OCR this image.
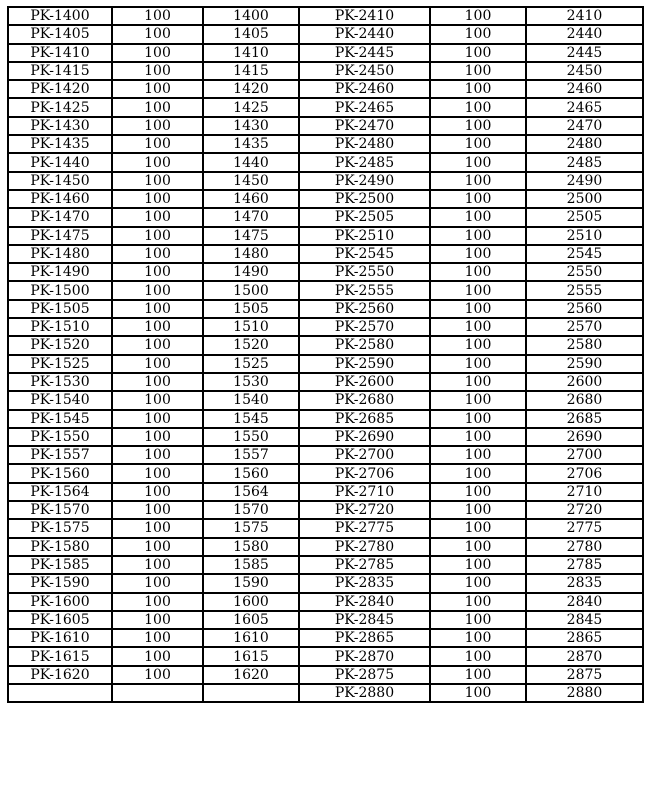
PK-1400	100	1400	PK-2410	100	2410
PK-1405	100	1405	PK-2440	100	2440
PK-1410	100	1410	PK-2445	100	2445
PK-1415	100	1415	PK-2450	100	2450
PK-1420	100	1420	PK-2460	100	2460
PK-1425	100	1425	PK-2465	100	2465
PK-1430	100	1430	PK-2470	100	2470
PK-1435	100	1435	PK-2480	100	2480
PK-1440	100	1440	PK-2485	100	2485
PK-1450	100	1450	PK-2490	100	2490
PK-1460	100	1460	PK-2500	100	2500
PK-1470	100	1470	PK-2505	100	2505
PK-1475	100	1475	PK-2510	100	2510
PK-1480	100	1480	PK-2545	100	2545
PK-1490	100	1490	PK-2550	100	2550
PK-1500	100	1500	PK-2555	100	2555
PK-1505	100	1505	PK-2560	100	2560
PK-1510	100	1510	PK-2570	100	2570
PK-1520	100	1520	PK-2580	100	2580
PK-1525	100	1525	PK-2590	100	2590
PK-1530	100	1530	PK-2600	100	2600
PK-1540	100	1540	PK-2680	100	2680
PK-1545	100	1545	PK-2685	100	2685
PK-1550	100	1550	PK-2690	100	2690
PK-1557	100	1557	PK-2700	100	2700
PK-1560	100	1560	PK-2706	100	2706
PK-1564	100	1564	PK-2710	100	2710
PK-1570	100	1570	PK-2720	100	2720
PK-1575	100	1575	PK-2775	100	2775
PK-1580	100	1580	PK-2780	100	2780
PK-1585	100	1585	PK-2785	100	2785
PK-1590	100	1590	PK-2835	100	2835
PK-1600	100	1600	PK-2840	100	2840
PK-1605	100	1605	PK-2845	100	2845
PK-1610	100	1610	PK-2865	100	2865
PK-1615	100	1615	PK-2870	100	2870
PK-1620	100	1620	PK-2875	100	2875
			PK-2880	100	2880
